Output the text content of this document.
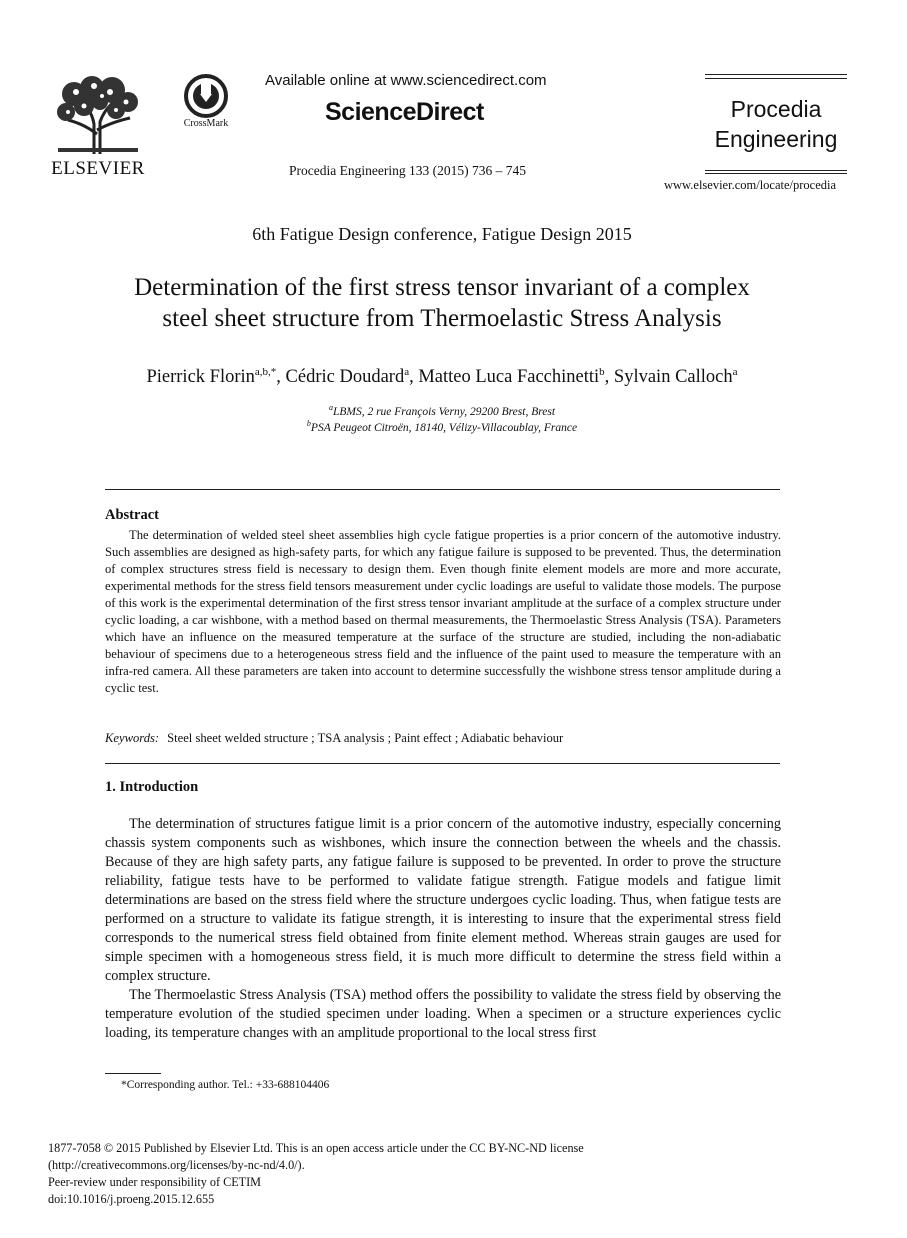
ELSEVIER
CrossMark
Available online at www.sciencedirect.com
ScienceDirect
Procedia Engineering 133 (2015) 736 – 745
Procedia
Engineering
www.elsevier.com/locate/procedia
6th Fatigue Design conference, Fatigue Design 2015
Determination of the first stress tensor invariant of a complex
steel sheet structure from Thermoelastic Stress Analysis
Pierrick Florin$^{a,b,*}$, Cédric Doudard$^a$, Matteo Luca Facchinetti$^b$, Sylvain Calloch$^a$
$^a$LBMS, 2 rue François Verny, 29200 Brest, Brest
$^b$PSA Peugeot Citroën, 18140, Vélizy-Villacoublay, France
Abstract
The determination of welded steel sheet assemblies high cycle fatigue properties is a prior concern of the automotive industry. Such assemblies are designed as high-safety parts, for which any fatigue failure is supposed to be prevented. Thus, the determination of complex structures stress field is necessary to design them. Even though finite element models are more and more accurate, experimental methods for the stress field tensors measurement under cyclic loadings are useful to validate those models. The purpose of this work is the experimental determination of the first stress tensor invariant amplitude at the surface of a complex structure under cyclic loading, a car wishbone, with a method based on thermal measurements, the Thermoelastic Stress Analysis (TSA). Parameters which have an influence on the measured temperature at the surface of the structure are studied, including the non-adiabatic behaviour of specimens due to a heterogeneous stress field and the influence of the paint used to measure the temperature with an infra-red camera. All these parameters are taken into account to determine successfully the wishbone stress tensor amplitude during a cyclic test.
Keywords: Steel sheet welded structure ; TSA analysis ; Paint effect ; Adiabatic behaviour
1. Introduction
The determination of structures fatigue limit is a prior concern of the automotive industry, especially concerning chassis system components such as wishbones, which insure the connection between the wheels and the chassis. Because of they are high safety parts, any fatigue failure is supposed to be prevented. In order to prove the structure reliability, fatigue tests have to be performed to validate fatigue strength. Fatigue models and fatigue limit determinations are based on the stress field where the structure undergoes cyclic loading. Thus, when fatigue tests are performed on a structure to validate its fatigue strength, it is interesting to insure that the experimental stress field corresponds to the numerical stress field obtained from finite element method. Whereas strain gauges are used for simple specimen with a homogeneous stress field, it is much more difficult to determine the stress field within a complex structure.
The Thermoelastic Stress Analysis (TSA) method offers the possibility to validate the stress field by observing the temperature evolution of the studied specimen under loading. When a specimen or a structure experiences cyclic loading, its temperature changes with an amplitude proportional to the local stress first
*Corresponding author. Tel.: +33-688104406
1877-7058 © 2015 Published by Elsevier Ltd. This is an open access article under the CC BY-NC-ND license
(http://creativecommons.org/licenses/by-nc-nd/4.0/).
Peer-review under responsibility of CETIM
doi:10.1016/j.proeng.2015.12.655
